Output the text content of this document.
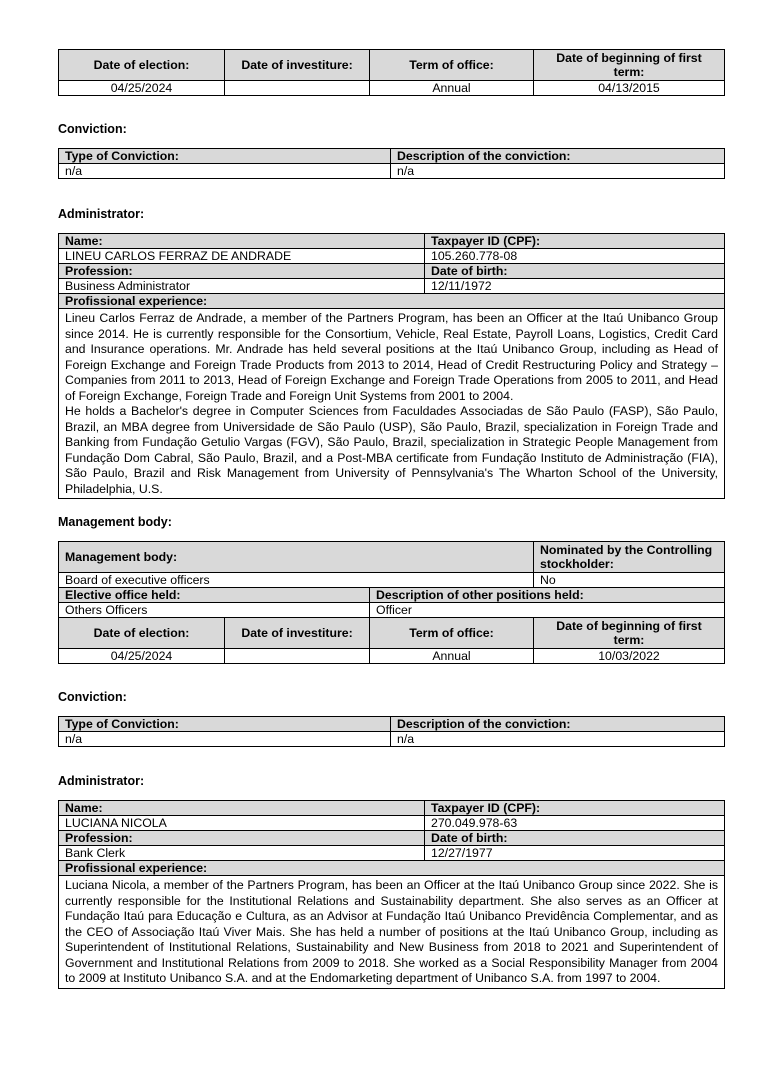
Date of election:	Date of investiture:	Term of office:	Date of beginning of first term:
04/25/2024		Annual	04/13/2015
Conviction:
Type of Conviction:	Description of the conviction:
n/a	n/a
Administrator:
Name:	Taxpayer ID (CPF):
LINEU CARLOS FERRAZ DE ANDRADE	105.260.778-08
Profession:	Date of birth:
Business Administrator	12/11/1972
Profissional experience:	

Lineu Carlos Ferraz de Andrade, a member of the Partners Program, has been an Officer at the Itaú Unibanco Group since 2014. He is currently responsible for the Consortium, Vehicle, Real Estate, Payroll Loans, Logistics, Credit Card and Insurance operations. Mr. Andrade has held several positions at the Itaú Unibanco Group, including as Head of Foreign Exchange and Foreign Trade Products from 2013 to 2014, Head of Credit Restructuring Policy and Strategy – Companies from 2011 to 2013, Head of Foreign Exchange and Foreign Trade Operations from 2005 to 2011, and Head of Foreign Exchange, Foreign Trade and Foreign Unit Systems from 2001 to 2004.

He holds a Bachelor's degree in Computer Sciences from Faculdades Associadas de São Paulo (FASP), São Paulo, Brazil, an MBA degree from Universidade de São Paulo (USP), São Paulo, Brazil, specialization in Foreign Trade and Banking from Fundação Getulio Vargas (FGV), São Paulo, Brazil, specialization in Strategic People Management from Fundação Dom Cabral, São Paulo, Brazil, and a Post-MBA certificate from Fundação Instituto de Administração (FIA), São Paulo, Brazil and Risk Management from University of Pennsylvania's The Wharton School of the University, Philadelphia, U.S.	

Management body:
Management body:			Nominated by the Controlling stockholder:
Board of executive officers			No
Elective office held:		Description of other positions held:	
Others Officers		Officer	
Date of election:	Date of investiture:	Term of office:	Date of beginning of first term:
04/25/2024		Annual	10/03/2022
Conviction:
Type of Conviction:	Description of the conviction:
n/a	n/a
Administrator:
Name:	Taxpayer ID (CPF):
LUCIANA NICOLA	270.049.978-63
Profession:	Date of birth:
Bank Clerk	12/27/1977
Profissional experience:	

Luciana Nicola, a member of the Partners Program, has been an Officer at the Itaú Unibanco Group since 2022. She is currently responsible for the Institutional Relations and Sustainability department. She also serves as an Officer at Fundação Itaú para Educação e Cultura, as an Advisor at Fundação Itaú Unibanco Previdência Complementar, and as the CEO of Associação Itaú Viver Mais. She has held a number of positions at the Itaú Unibanco Group, including as Superintendent of Institutional Relations, Sustainability and New Business from 2018 to 2021 and Superintendent of Government and Institutional Relations from 2009 to 2018. She worked as a Social Responsibility Manager from 2004 to 2009 at Instituto Unibanco S.A. and at the Endomarketing department of Unibanco S.A. from 1997 to 2004.	
